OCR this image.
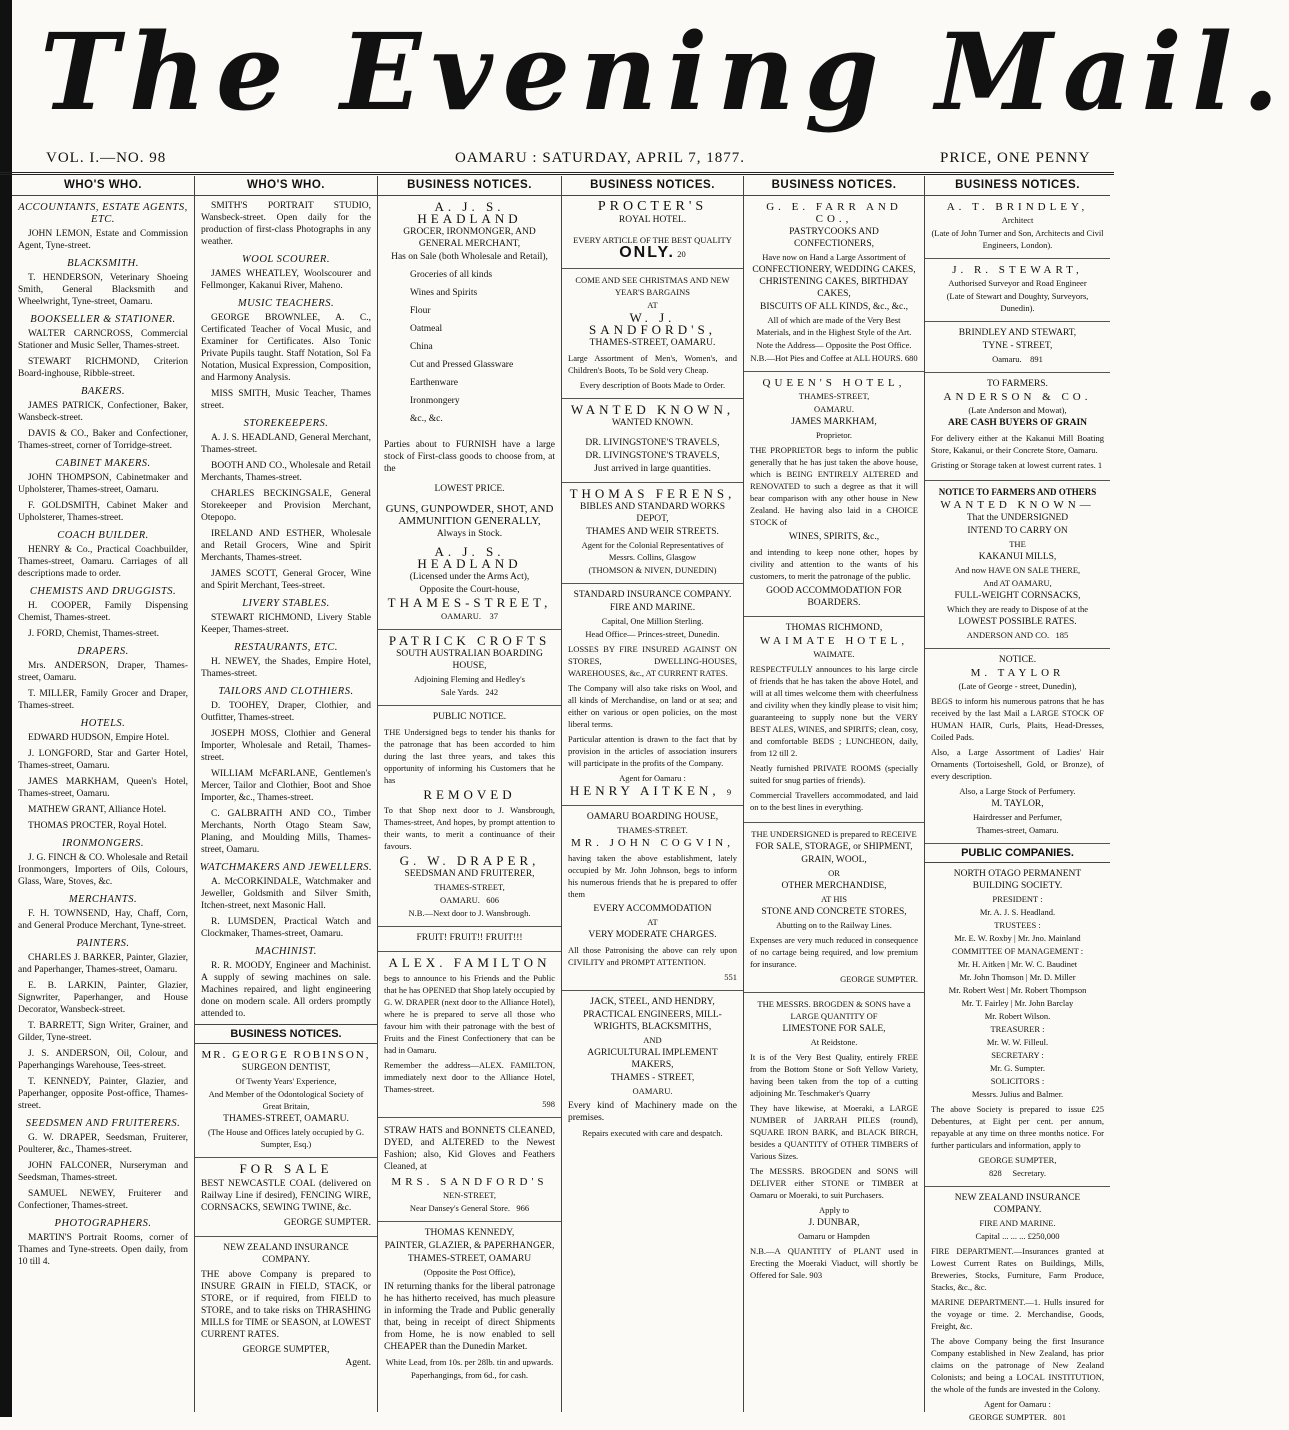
The Evening Mail.
VOL. I.—NO. 98	OAMARU : SATURDAY, APRIL 7, 1877.	PRICE, ONE PENNY
WHO'S WHO.
ACCOUNTANTS, ESTATE AGENTS, ETC.
JOHN LEMON, Estate and Commission Agent, Tyne-street.
BLACKSMITH.
T. HENDERSON, Veterinary Shoeing Smith, General Blacksmith and Wheelwright, Tyne-street, Oamaru.
BOOKSELLER & STATIONER.
WALTER CARNCROSS, Commercial Stationer and Music Seller, Thames-street.
STEWART RICHMOND, Criterion Board-inghouse, Ribble-street.
BAKERS.
JAMES PATRICK, Confectioner, Baker, Wansbeck-street.
DAVIS & CO., Baker and Confectioner, Thames-street, corner of Torridge-street.
CABINET MAKERS.
JOHN THOMPSON, Cabinetmaker and Upholsterer, Thames-street, Oamaru.
F. GOLDSMITH, Cabinet Maker and Upholsterer, Thames-street.
COACH BUILDER.
HENRY & Co., Practical Coachbuilder, Thames-street, Oamaru. Carriages of all descriptions made to order.
CHEMISTS AND DRUGGISTS.
H. COOPER, Family Dispensing Chemist, Thames-street.
J. FORD, Chemist, Thames-street.
DRAPERS.
Mrs. ANDERSON, Draper, Thames-street, Oamaru.
T. MILLER, Family Grocer and Draper, Thames-street.
HOTELS.
EDWARD HUDSON, Empire Hotel.
J. LONGFORD, Star and Garter Hotel, Thames-street, Oamaru.
JAMES MARKHAM, Queen's Hotel, Thames-street, Oamaru.
MATHEW GRANT, Alliance Hotel.
THOMAS PROCTER, Royal Hotel.
IRONMONGERS.
J. G. FINCH & CO. Wholesale and Retail Ironmongers, Importers of Oils, Colours, Glass, Ware, Stoves, &c.
MERCHANTS.
F. H. TOWNSEND, Hay, Chaff, Corn, and General Produce Merchant, Tyne-street.
PAINTERS.
CHARLES J. BARKER, Painter, Glazier, and Paperhanger, Thames-street, Oamaru.
E. B. LARKIN, Painter, Glazier, Signwriter, Paperhanger, and House Decorator, Wansbeck-street.
T. BARRETT, Sign Writer, Grainer, and Gilder, Tyne-street.
J. S. ANDERSON, Oil, Colour, and Paperhangings Warehouse, Tees-street.
T. KENNEDY, Painter, Glazier, and Paperhanger, opposite Post-office, Thames-street.
SEEDSMEN AND FRUITERERS.
G. W. DRAPER, Seedsman, Fruiterer, Poulterer, &c., Thames-street.
JOHN FALCONER, Nurseryman and Seedsman, Thames-street.
SAMUEL NEWEY, Fruiterer and Confectioner, Thames-street.
PHOTOGRAPHERS.
MARTIN'S Portrait Rooms, corner of Thames and Tyne-streets. Open daily, from 10 till 4.
WHO'S WHO.
SMITH'S PORTRAIT STUDIO, Wansbeck-street. Open daily for the production of first-class Photographs in any weather.
WOOL SCOURER.
JAMES WHEATLEY, Woolscourer and Fellmonger, Kakanui River, Maheno.
MUSIC TEACHERS.
GEORGE BROWNLEE, A. C., Certificated Teacher of Vocal Music, and Examiner for Certificates. Also Tonic Private Pupils taught. Staff Notation, Sol Fa Notation, Musical Expression, Composition, and Harmony Analysis.
MISS SMITH, Music Teacher, Thames street.
STOREKEEPERS.
A. J. S. HEADLAND, General Merchant, Thames-street.
BOOTH AND CO., Wholesale and Retail Merchants, Thames-street.
CHARLES BECKINGSALE, General Storekeeper and Provision Merchant, Otepopo.
IRELAND AND ESTHER, Wholesale and Retail Grocers, Wine and Spirit Merchants, Thames-street.
JAMES SCOTT, General Grocer, Wine and Spirit Merchant, Tees-street.
LIVERY STABLES.
STEWART RICHMOND, Livery Stable Keeper, Thames-street.
RESTAURANTS, ETC.
H. NEWEY, the Shades, Empire Hotel, Thames-street.
TAILORS AND CLOTHIERS.
D. TOOHEY, Draper, Clothier, and Outfitter, Thames-street.
JOSEPH MOSS, Clothier and General Importer, Wholesale and Retail, Thames-street.
WILLIAM McFARLANE, Gentlemen's Mercer, Tailor and Clothier, Boot and Shoe Importer, &c., Thames-street.
C. GALBRAITH AND CO., Timber Merchants, North Otago Steam Saw, Planing, and Moulding Mills, Thames-street, Oamaru.
WATCHMAKERS AND JEWELLERS.
A. McCORKINDALE, Watchmaker and Jeweller, Goldsmith and Silver Smith, Itchen-street, next Masonic Hall.
R. LUMSDEN, Practical Watch and Clockmaker, Thames-street, Oamaru.
MACHINIST.
R. R. MOODY, Engineer and Machinist. A supply of sewing machines on sale. Machines repaired, and light engineering done on modern scale. All orders promptly attended to.
BUSINESS NOTICES.
MR. GEORGE ROBINSON,
SURGEON DENTIST,
Of Twenty Years' Experience,
And Member of the Odontological Society of Great Britain,
THAMES-STREET, OAMARU.
(The House and Offices lately occupied by G. Sumpter, Esq.)
FOR SALE
BEST NEWCASTLE COAL (delivered on Railway Line if desired), FENCING WIRE, CORNSACKS, SEWING TWINE, &c.
GEORGE SUMPTER.
NEW ZEALAND INSURANCE COMPANY.
THE above Company is prepared to INSURE GRAIN in FIELD, STACK, or STORE, or if required, from FIELD to STORE, and to take risks on THRASHING MILLS for TIME or SEASON, at LOWEST CURRENT RATES.
GEORGE SUMPTER,
Agent.
BUSINESS NOTICES.
A. J. S. HEADLAND
GROCER, IRONMONGER, AND GENERAL MERCHANT,
Has on Sale (both Wholesale and Retail),
Groceries of all kinds
Wines and Spirits
Flour
Oatmeal
China
Cut and Pressed Glassware
Earthenware
Ironmongery
&c., &c.
Parties about to FURNISH have a large stock of First-class goods to choose from, at the
LOWEST PRICE.
GUNS, GUNPOWDER, SHOT, AND AMMUNITION GENERALLY,
Always in Stock.
A. J. S. HEADLAND
(Licensed under the Arms Act),
Opposite the Court-house,
THAMES-STREET,
OAMARU. 37
PATRICK CROFTS
SOUTH AUSTRALIAN BOARDING HOUSE,
Adjoining Fleming and Hedley's
Sale Yards. 242
PUBLIC NOTICE.
THE Undersigned begs to tender his thanks for the patronage that has been accorded to him during the last three years, and takes this opportunity of informing his Customers that he has
REMOVED
To that Shop next door to J. Wansbrough, Thames-street, And hopes, by prompt attention to their wants, to merit a continuance of their favours.
G. W. DRAPER,
SEEDSMAN AND FRUITERER,
THAMES-STREET,
OAMARU. 606
N.B.—Next door to J. Wansbrough.
FRUIT! FRUIT!! FRUIT!!!
ALEX. FAMILTON
begs to announce to his Friends and the Public that he has OPENED that Shop lately occupied by G. W. DRAPER (next door to the Alliance Hotel), where he is prepared to serve all those who favour him with their patronage with the best of Fruits and the Finest Confectionery that can be had in Oamaru.
Remember the address—ALEX. FAMILTON, immediately next door to the Alliance Hotel, Thames-street.
598
STRAW HATS and BONNETS CLEANED, DYED, and ALTERED to the Newest Fashion; also, Kid Gloves and Feathers Cleaned, at
MRS. SANDFORD'S
NEN-STREET,
Near Dansey's General Store. 966
THOMAS KENNEDY,
PAINTER, GLAZIER, & PAPERHANGER,
THAMES-STREET, OAMARU
(Opposite the Post Office),
IN returning thanks for the liberal patronage he has hitherto received, has much pleasure in informing the Trade and Public generally that, being in receipt of direct Shipments from Home, he is now enabled to sell CHEAPER than the Dunedin Market.
White Lead, from 10s. per 28lb. tin and upwards.
Paperhangings, from 6d., for cash.
BUSINESS NOTICES.
PROCTER'S
ROYAL HOTEL.
EVERY ARTICLE OF THE BEST QUALITY
ONLY. 20
COME AND SEE CHRISTMAS AND NEW YEAR'S BARGAINS
AT
W. J. SANDFORD'S,
THAMES-STREET, OAMARU.
Large Assortment of Men's, Women's, and Children's Boots, To be Sold very Cheap.
Every description of Boots Made to Order.
WANTED KNOWN,
WANTED KNOWN.
DR. LIVINGSTONE'S TRAVELS,
DR. LIVINGSTONE'S TRAVELS,
Just arrived in large quantities.
THOMAS FERENS,
BIBLES AND STANDARD WORKS DEPOT,
THAMES AND WEIR STREETS.
Agent for the Colonial Representatives of Messrs. Collins, Glasgow
(THOMSON & NIVEN, DUNEDIN)
STANDARD INSURANCE COMPANY.
FIRE AND MARINE.
Capital, One Million Sterling.
Head Office— Princes-street, Dunedin.
LOSSES BY FIRE INSURED AGAINST ON STORES, DWELLING-HOUSES, WAREHOUSES, &c., AT CURRENT RATES.
The Company will also take risks on Wool, and all kinds of Merchandise, on land or at sea; and either on various or open policies, on the most liberal terms.
Particular attention is drawn to the fact that by provision in the articles of association insurers will participate in the profits of the Company.
Agent for Oamaru :
HENRY AITKEN, 9
OAMARU BOARDING HOUSE,
THAMES-STREET.
MR. JOHN COGVIN,
having taken the above establishment, lately occupied by Mr. John Johnson, begs to inform his numerous friends that he is prepared to offer them
EVERY ACCOMMODATION
AT
VERY MODERATE CHARGES.
All those Patronising the above can rely upon CIVILITY and PROMPT ATTENTION.
551
JACK, STEEL, AND HENDRY,
PRACTICAL ENGINEERS, MILL-WRIGHTS, BLACKSMITHS,
AND
AGRICULTURAL IMPLEMENT MAKERS,
THAMES - STREET,
OAMARU.
Every kind of Machinery made on the premises.
Repairs executed with care and despatch.
BUSINESS NOTICES.
G. E. FARR AND CO.,
PASTRYCOOKS AND CONFECTIONERS,
Have now on Hand a Large Assortment of
CONFECTIONERY, WEDDING CAKES, CHRISTENING CAKES, BIRTHDAY CAKES,
BISCUITS OF ALL KINDS, &c., &c.,
All of which are made of the Very Best Materials, and in the Highest Style of the Art.
Note the Address— Opposite the Post Office.
N.B.—Hot Pies and Coffee at ALL HOURS. 680
QUEEN'S HOTEL,
THAMES-STREET,
OAMARU.
JAMES MARKHAM,
Proprietor.
THE PROPRIETOR begs to inform the public generally that he has just taken the above house, which is BEING ENTIRELY ALTERED and RENOVATED to such a degree as that it will bear comparison with any other house in New Zealand. He having also laid in a CHOICE STOCK of
WINES, SPIRITS, &c.,
and intending to keep none other, hopes by civility and attention to the wants of his customers, to merit the patronage of the public.
GOOD ACCOMMODATION FOR BOARDERS.
THOMAS RICHMOND,
WAIMATE HOTEL,
WAIMATE.
RESPECTFULLY announces to his large circle of friends that he has taken the above Hotel, and will at all times welcome them with cheerfulness and civility when they kindly please to visit him; guaranteeing to supply none but the VERY BEST ALES, WINES, and SPIRITS; clean, cosy, and comfortable BEDS ; LUNCHEON, daily, from 12 till 2.
Neatly furnished PRIVATE ROOMS (specially suited for snug parties of friends).
Commercial Travellers accommodated, and laid on to the best lines in everything.
THE UNDERSIGNED is prepared to RECEIVE
FOR SALE, STORAGE, or SHIPMENT,
GRAIN, WOOL,
OR
OTHER MERCHANDISE,
AT HIS
STONE AND CONCRETE STORES,
Abutting on to the Railway Lines.
Expenses are very much reduced in consequence of no cartage being required, and low premium for insurance.
GEORGE SUMPTER.
THE MESSRS. BROGDEN & SONS have a LARGE QUANTITY OF
LIMESTONE FOR SALE,
At Reidstone.
It is of the Very Best Quality, entirely FREE from the Bottom Stone or Soft Yellow Variety, having been taken from the top of a cutting adjoining Mr. Teschmaker's Quarry
They have likewise, at Moeraki, a LARGE NUMBER of JARRAH PILES (round), SQUARE IRON BARK, and BLACK BIRCH, besides a QUANTITY of OTHER TIMBERS of Various Sizes.
The MESSRS. BROGDEN and SONS will DELIVER either STONE or TIMBER at Oamaru or Moeraki, to suit Purchasers.
Apply to
J. DUNBAR,
Oamaru or Hampden
N.B.—A QUANTITY of PLANT used in Erecting the Moeraki Viaduct, will shortly be Offered for Sale. 903
BUSINESS NOTICES.
A. T. BRINDLEY,
Architect
(Late of John Turner and Son, Architects and Civil Engineers, London).
J. R. STEWART,
Authorised Surveyor and Road Engineer
(Late of Stewart and Doughty, Surveyors, Dunedin).
BRINDLEY AND STEWART,
TYNE - STREET,
Oamaru. 891
TO FARMERS.
ANDERSON & CO.
(Late Anderson and Mowat),
ARE CASH BUYERS OF GRAIN
For delivery either at the Kakanui Mill Boating Store, Kakanui, or their Concrete Store, Oamaru.
Gristing or Storage taken at lowest current rates. 1
NOTICE TO FARMERS AND OTHERS
WANTED KNOWN—
That the UNDERSIGNED
INTEND TO CARRY ON
THE
KAKANUI MILLS,
And now HAVE ON SALE THERE,
And AT OAMARU,
FULL-WEIGHT CORNSACKS,
Which they are ready to Dispose of at the
LOWEST POSSIBLE RATES.
ANDERSON AND CO. 185
NOTICE.
M. TAYLOR
(Late of George - street, Dunedin),
BEGS to inform his numerous patrons that he has received by the last Mail a LARGE STOCK OF HUMAN HAIR, Curls, Plaits, Head-Dresses, Coiled Pads.
Also, a Large Assortment of Ladies' Hair Ornaments (Tortoiseshell, Gold, or Bronze), of every description.
Also, a Large Stock of Perfumery.
M. TAYLOR,
Hairdresser and Perfumer,
Thames-street, Oamaru.
PUBLIC COMPANIES.
NORTH OTAGO PERMANENT BUILDING SOCIETY.
PRESIDENT :
Mr. A. J. S. Headland.
TRUSTEES :
Mr. E. W. Roxby | Mr. Jno. Mainland
COMMITTEE OF MANAGEMENT :
Mr. H. Aitken | Mr. W. C. Baudinet
Mr. John Thomson | Mr. D. Miller
Mr. Robert West | Mr. Robert Thompson
Mr. T. Fairley | Mr. John Barclay
Mr. Robert Wilson.
TREASURER :
Mr. W. W. Filleul.
SECRETARY :
Mr. G. Sumpter.
SOLICITORS :
Messrs. Julius and Balmer.
The above Society is prepared to issue £25 Debentures, at Eight per cent. per annum, repayable at any time on three months notice. For further particulars and information, apply to
GEORGE SUMPTER,
828 Secretary.
NEW ZEALAND INSURANCE COMPANY.
FIRE AND MARINE.
Capital ... ... ... £250,000
FIRE DEPARTMENT.—Insurances granted at Lowest Current Rates on Buildings, Mills, Breweries, Stocks, Furniture, Farm Produce, Stacks, &c., &c.
MARINE DEPARTMENT.—1. Hulls insured for the voyage or time. 2. Merchandise, Goods, Freight, &c.
The above Company being the first Insurance Company established in New Zealand, has prior claims on the patronage of New Zealand Colonists; and being a LOCAL INSTITUTION, the whole of the funds are invested in the Colony.
Agent for Oamaru :
GEORGE SUMPTER. 801
